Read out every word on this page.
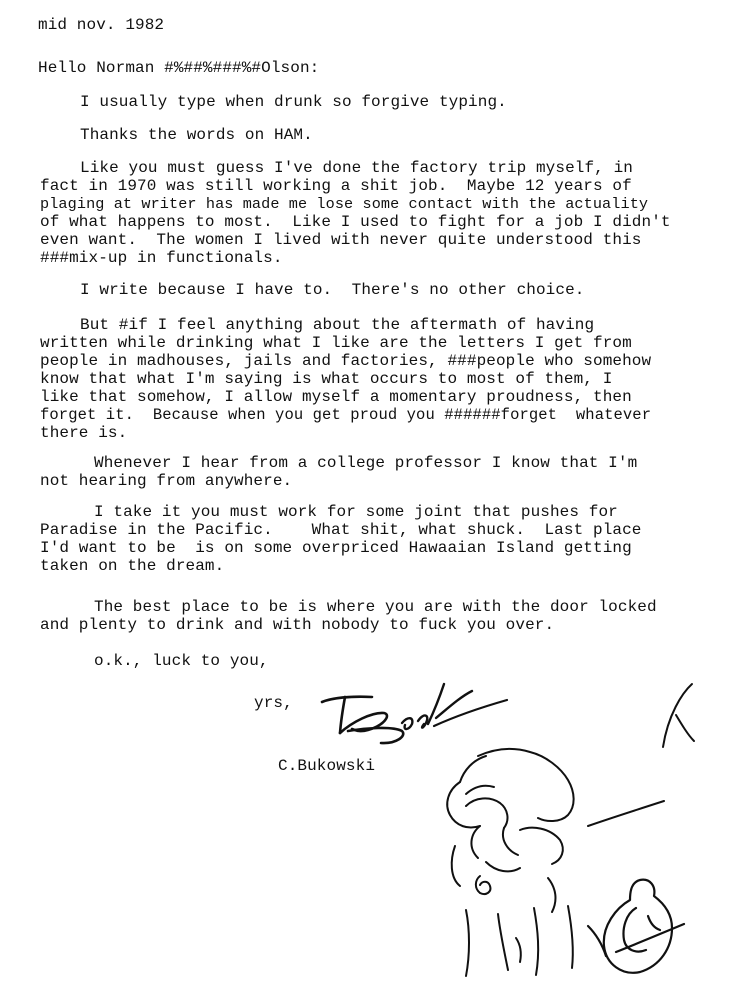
mid nov. 1982
Hello Norman #%##%###%#Olson:
I usually type when drunk so forgive typing.
Thanks the words on HAM.
Like you must guess I've done the factory trip myself, in
fact in 1970 was still working a shit job.  Maybe 12 years of
plaging at writer has made me lose some contact with the actuality
of what happens to most.  Like I used to fight for a job I didn't
even want.  The women I lived with never quite understood this
###mix-up in functionals.
I write because I have to.  There's no other choice.
But #if I feel anything about the aftermath of having
written while drinking what I like are the letters I get from
people in madhouses, jails and factories, ###people who somehow
know that what I'm saying is what occurs to most of them, I
like that somehow, I allow myself a momentary proudness, then
forget it.  Because when you get proud you ######forget  whatever
there is.
Whenever I hear from a college professor I know that I'm
not hearing from anywhere.
I take it you must work for some joint that pushes for
Paradise in the Pacific.    What shit, what shuck.  Last place
I'd want to be  is on some overpriced Hawaaian Island getting
taken on the dream.
The best place to be is where you are with the door locked
and plenty to drink and with nobody to fuck you over.
o.k., luck to you,
yrs,
C.Bukowski
